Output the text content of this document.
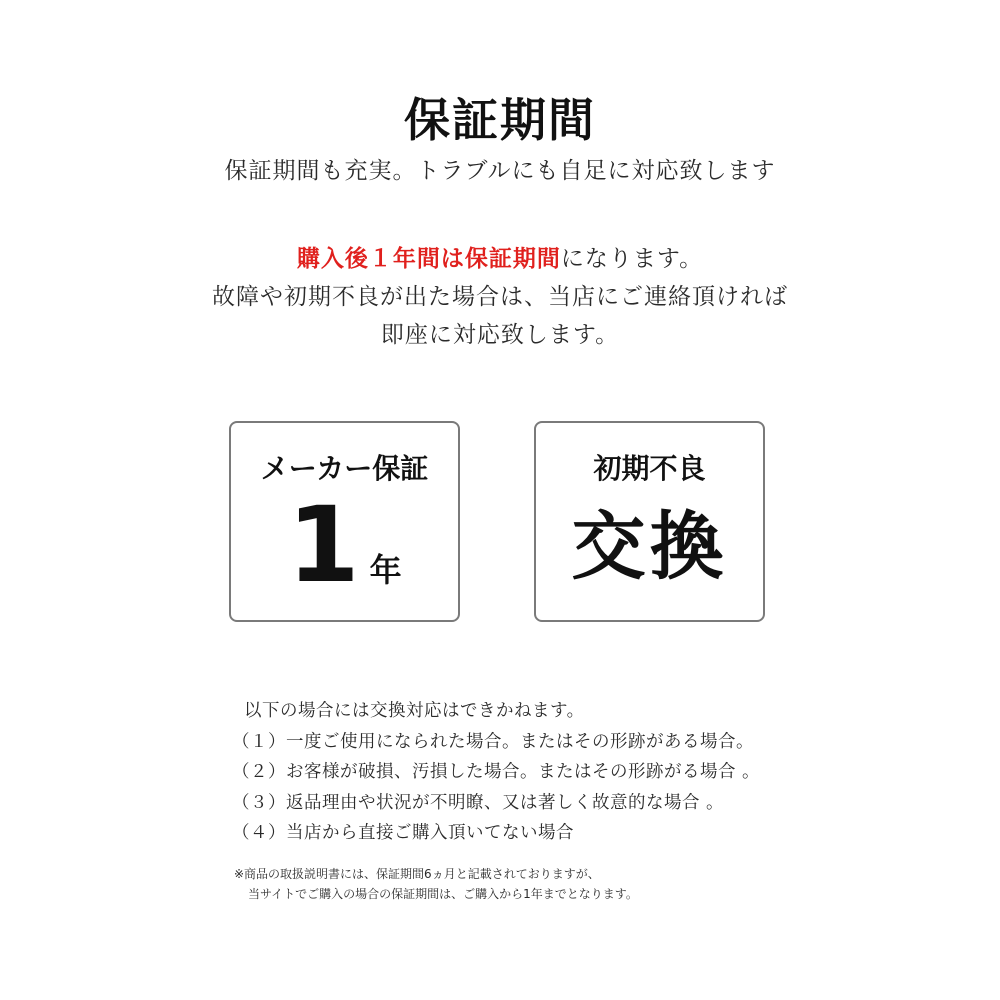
保証期間
保証期間も充実。トラブルにも自足に対応致します
購入後１年間は保証期間になります。
故障や初期不良が出た場合は、当店にご連絡頂ければ
即座に対応致します。
メーカー保証
1 年
初期不良
交換
以下の場合には交換対応はできかねます。
（１）一度ご使用になられた場合。またはその形跡がある場合。
（２）お客様が破損、汚損した場合。またはその形跡がる場合 。
（３）返品理由や状況が不明瞭、又は著しく故意的な場合 。
（４）当店から直接ご購入頂いてない場合
※商品の取扱説明書には、保証期間6ヵ月と記載されておりますが、
当サイトでご購入の場合の保証期間は、ご購入から1年までとなります。
